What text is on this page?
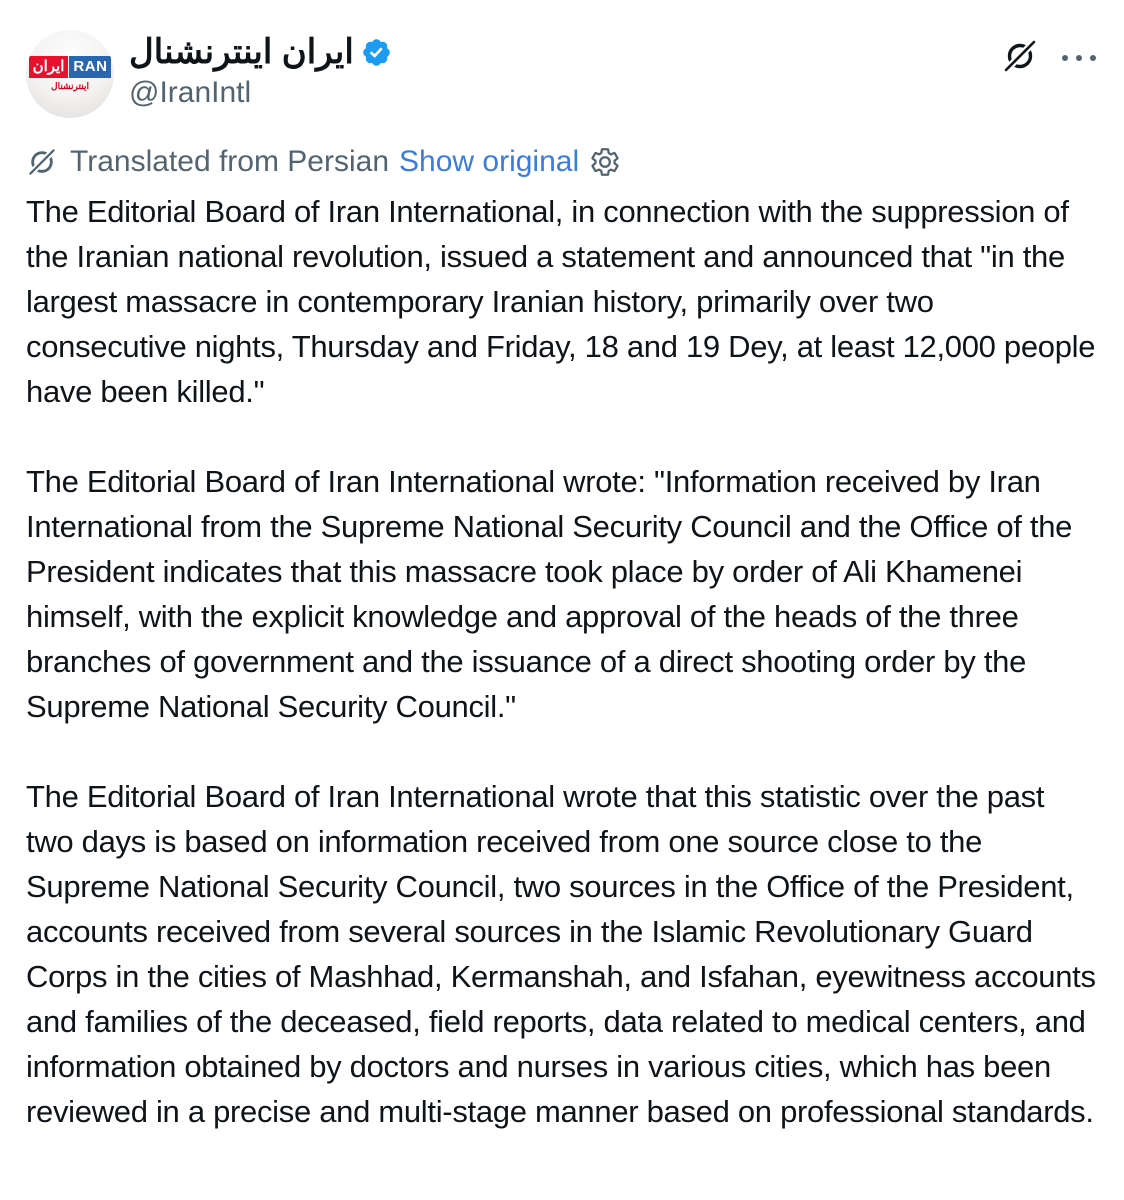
ایران RAN
اینترنشنال
ایران اینترنشنال
@IranIntl
Translated from Persian Show original

The Editorial Board of Iran International, in connection with the suppression of the Iranian national revolution, issued a statement and announced that "in the largest massacre in contemporary Iranian history, primarily over two consecutive nights, Thursday and Friday, 18 and 19 Dey, at least 12,000 people have been killed."

The Editorial Board of Iran International wrote: "Information received by Iran International from the Supreme National Security Council and the Office of the President indicates that this massacre took place by order of Ali Khamenei himself, with the explicit knowledge and approval of the heads of the three branches of government and the issuance of a direct shooting order by the Supreme National Security Council."

The Editorial Board of Iran International wrote that this statistic over the past two days is based on information received from one source close to the Supreme National Security Council, two sources in the Office of the President, accounts received from several sources in the Islamic Revolutionary Guard Corps in the cities of Mashhad, Kermanshah, and Isfahan, eyewitness accounts and families of the deceased, field reports, data related to medical centers, and information obtained by doctors and nurses in various cities, which has been reviewed in a precise and multi-stage manner based on professional standards.
